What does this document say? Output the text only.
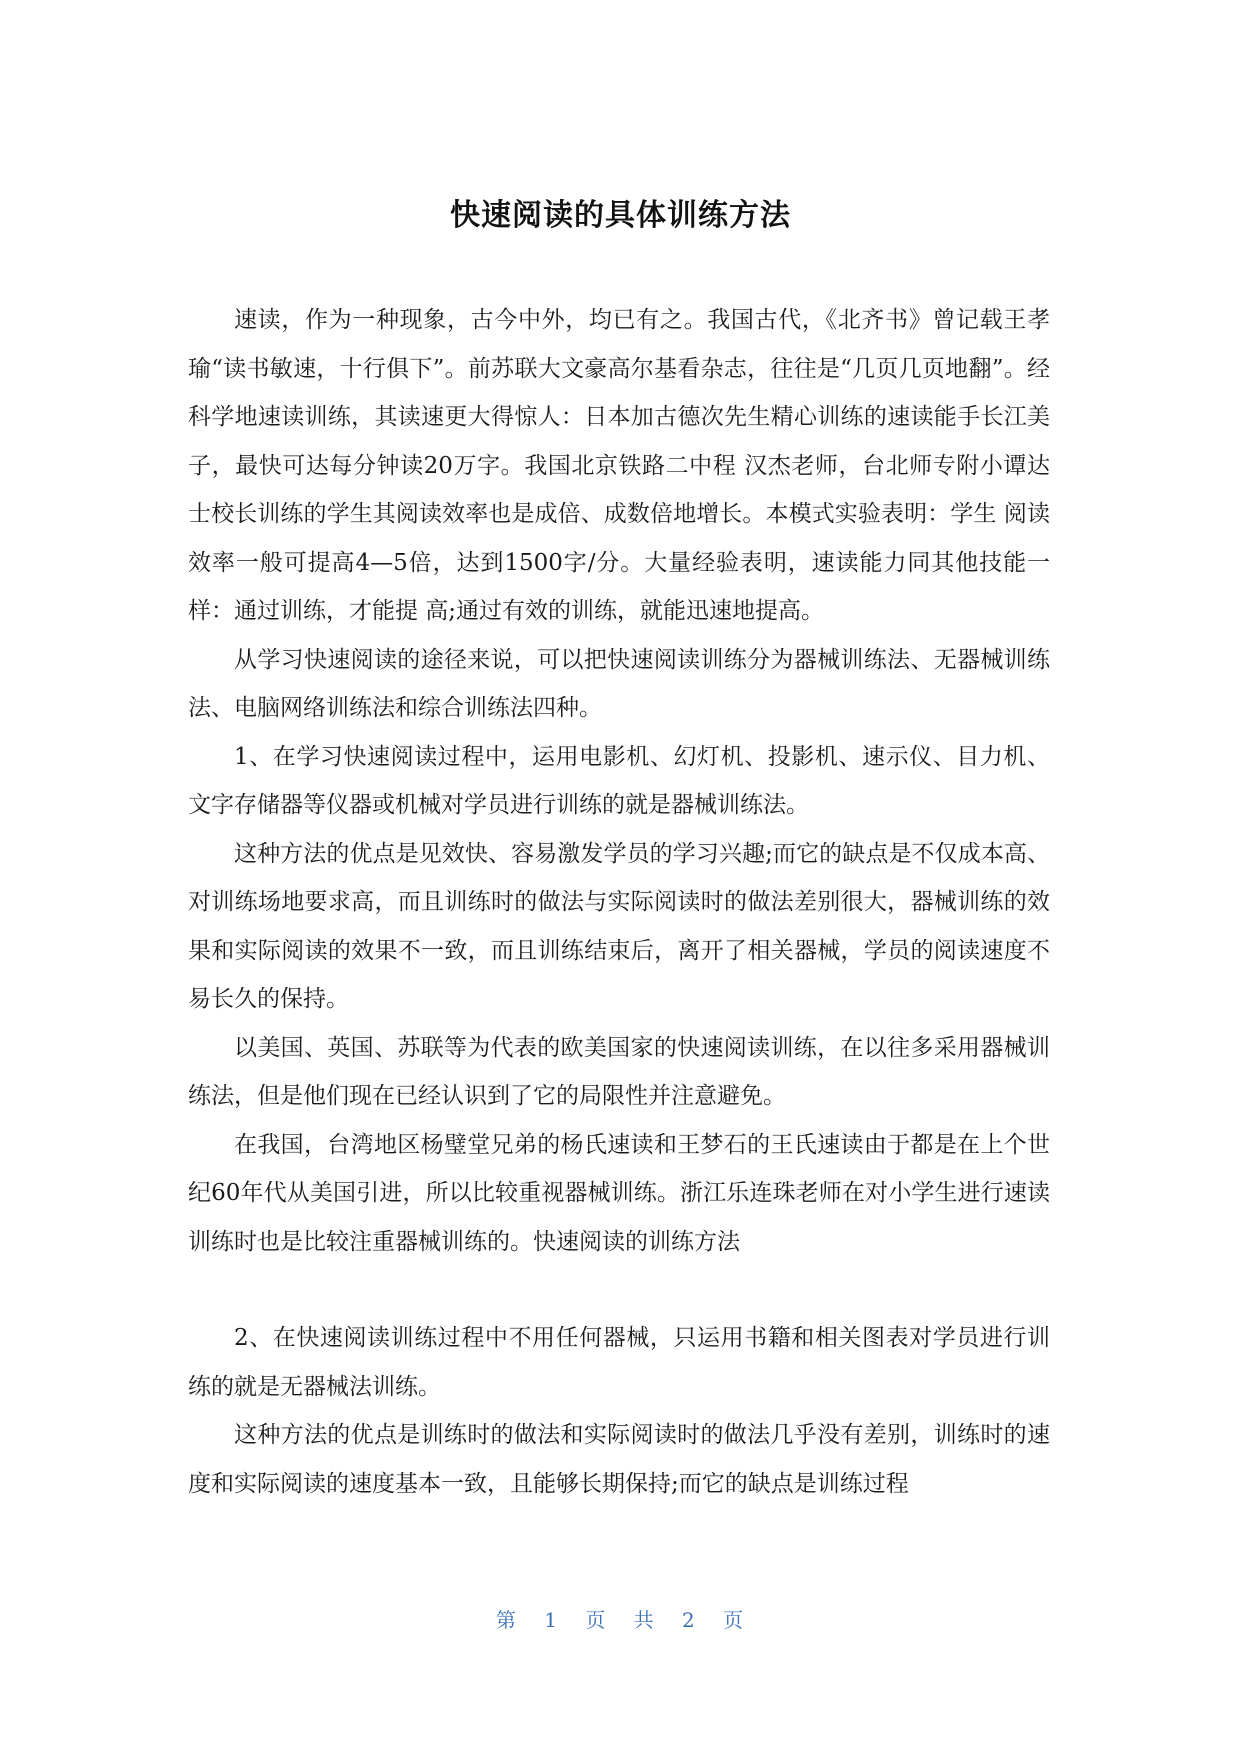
快速阅读的具体训练方法

速读，作为一种现象，古今中外，均已有之。我国古代，《北齐书》曾记载王孝瑜“读书敏速，十行俱下”。前苏联大文豪高尔基看杂志，往往是“几页几页地翻”。经科学地速读训练，其读速更大得惊人：日本加古德次先生精心训练的速读能手长江美子，最快可达每分钟读20万字。我国北京铁路二中程 汉杰老师，台北师专附小谭达士校长训练的学生其阅读效率也是成倍、成数倍地增长。本模式实验表明：学生 阅读效率一般可提高4—5倍，达到1500字/分。大量经验表明，速读能力同其他技能一样：通过训练，才能提 高;通过有效的训练，就能迅速地提高。

从学习快速阅读的途径来说，可以把快速阅读训练分为器械训练法、无器械训练法、电脑网络训练法和综合训练法四种。

1、在学习快速阅读过程中，运用电影机、幻灯机、投影机、速示仪、目力机、文字存储器等仪器或机械对学员进行训练的就是器械训练法。

这种方法的优点是见效快、容易激发学员的学习兴趣;而它的缺点是不仅成本高、对训练场地要求高，而且训练时的做法与实际阅读时的做法差别很大，器械训练的效果和实际阅读的效果不一致，而且训练结束后，离开了相关器械，学员的阅读速度不易长久的保持。

以美国、英国、苏联等为代表的欧美国家的快速阅读训练，在以往多采用器械训练法，但是他们现在已经认识到了它的局限性并注意避免。

在我国，台湾地区杨璧堂兄弟的杨氏速读和王梦石的王氏速读由于都是在上个世纪60年代从美国引进，所以比较重视器械训练。浙江乐连珠老师在对小学生进行速读训练时也是比较注重器械训练的。快速阅读的训练方法

2、在快速阅读训练过程中不用任何器械，只运用书籍和相关图表对学员进行训练的就是无器械法训练。

这种方法的优点是训练时的做法和实际阅读时的做法几乎没有差别，训练时的速度和实际阅读的速度基本一致，且能够长期保持;而它的缺点是训练过程

第 1 页 共 2 页
